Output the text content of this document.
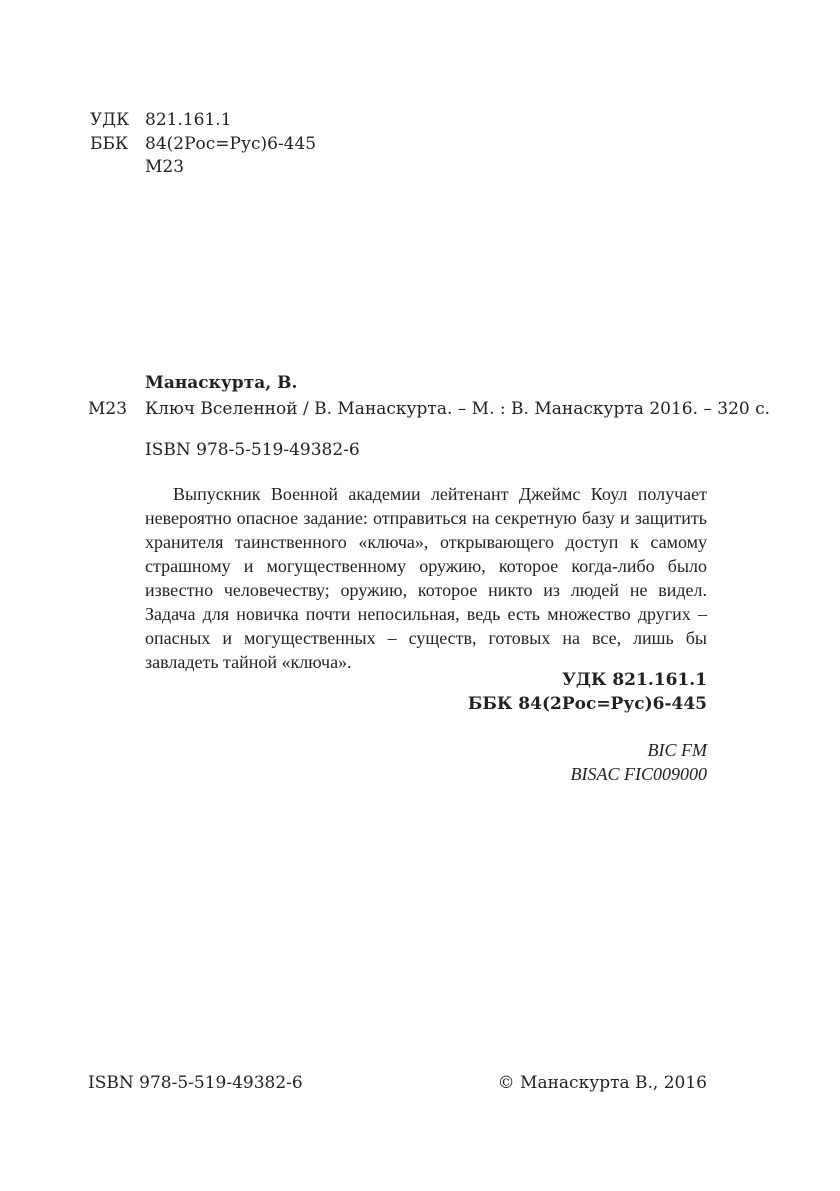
УДК 821.161.1
ББК 84(2Рос=Рус)6-445
М23
Манаскурта, В.
М23 Ключ Вселенной / В. Манаскурта. – М. : В. Манаскурта 2016. – 320 с.
ISBN 978-5-519-49382-6

Выпускник Военной академии лейтенант Джеймс Коул получает невероятно опасное задание: отправиться на секретную базу и защитить хранителя таинственного «ключа», открывающего доступ к самому страшному и могущественному оружию, которое когда-либо было известно человечеству; оружию, которое никто из людей не видел. Задача для новичка почти непосильная, ведь есть множество других – опасных и могущественных – существ, готовых на все, лишь бы завладеть тайной «ключа».

УДК 821.161.1
ББК 84(2Рос=Рус)6-445
BIC FM
BISAC FIC009000
ISBN 978-5-519-49382-6	© Манаскурта В., 2016
